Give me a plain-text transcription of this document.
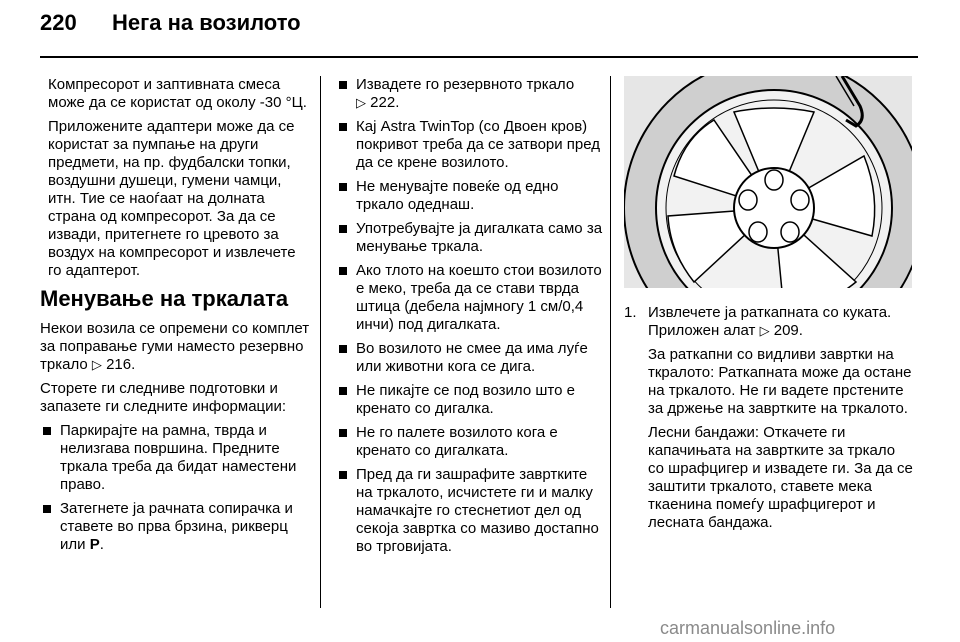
220	Нега на возилото

Компресорот и заптивната смеса може да се користат од околу -30 °Ц.

Приложените адаптери може да се користат за пумпање на други предмети, на пр. фудбалски топки, воздушни душеци, гумени чамци, итн. Тие се наоѓаат на долната страна од компресорот. За да се извади, притегнете го цревото за воздух на компресорот и извлечете го адаптерот.

Менување на тркалата

Некои возила се опремени со комплет за поправање гуми наместо резервно тркало ▷ 216.

Сторете ги следниве подготовки и запазете ги следните информации:

Паркирајте на рамна, тврда и нелизгава површина. Предните тркала треба да бидат наместени право.
Затегнете ја рачната сопирачка и ставете во прва брзина, рикверц или P.
Извадете го резервното тркало
▷ 222.
Кај Astra TwinTop (со Двоен кров) покривот треба да се затвори пред да се крене возилото.
Не менувајте повеќе од едно тркало одеднаш.
Употребувајте ја дигалката само за менување тркала.
Ако тлото на коешто стои возилото е меко, треба да се стави тврда штица (дебела најмногу 1 см/0,4 инчи) под дигалката.
Во возилото не смее да има луѓе или животни кога се дига.
Не пикајте се под возило што е кренато со дигалка.
Не го палете возилото кога е кренато со дигалката.
Пред да ги зашрафите завртките на тркалото, исчистете ги и малку намачкајте го стеснетиот дел од секоја завртка со мазиво достапно во трговијата.
1. Извлечете ја раткапната со куката. Приложен алат ▷ 209.

За раткапни со видливи завртки на ткралото: Раткапната може да остане на тркалото. Не ги вадете прстените за држење на завртките на тркалото.

Лесни бандажи: Откачете ги капачињата на завртките за тркало со шрафцигер и извадете ги. За да се заштити тркалото, ставете мека ткаенина помеѓу шрафцигерот и лесната бандажа.

carmanualsonline.info
